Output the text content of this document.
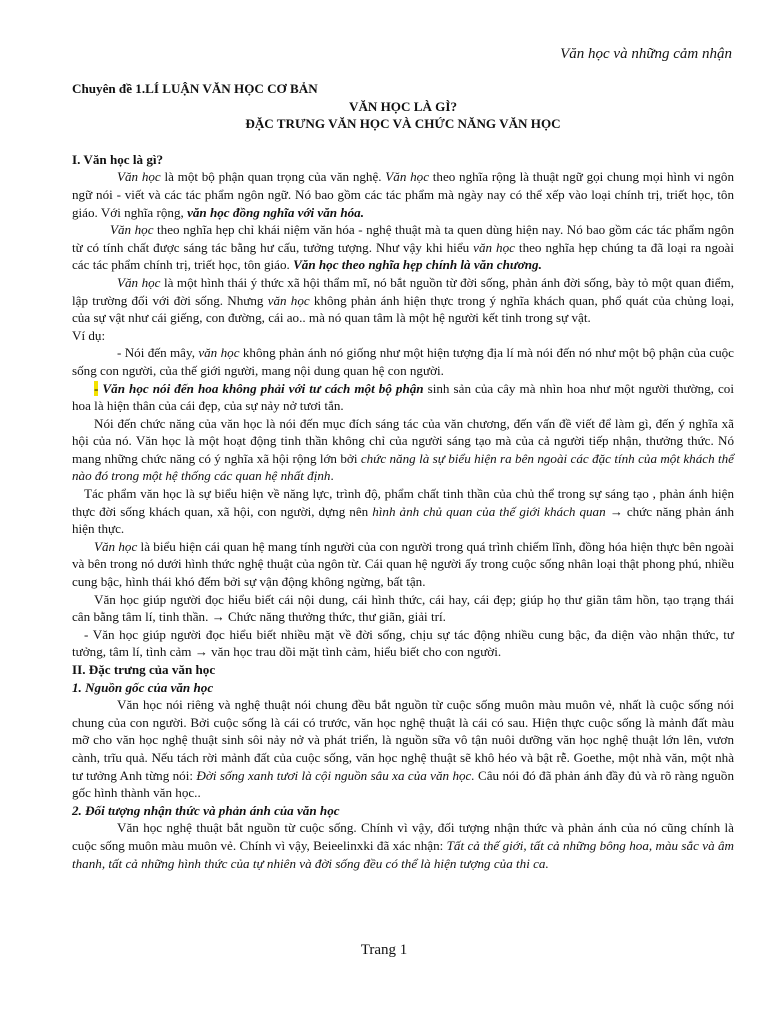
Văn học và những cảm nhận

Chuyên đề 1.LÍ LUẬN VĂN HỌC CƠ BẢN

VĂN HỌC LÀ GÌ?

ĐẶC TRƯNG VĂN HỌC VÀ CHỨC NĂNG VĂN HỌC

I. Văn học là gì?

Văn học là một bộ phận quan trọng của văn nghệ. Văn học theo nghĩa rộng là thuật ngữ gọi chung mọi hình vi ngôn ngữ nói - viết và các tác phẩm ngôn ngữ. Nó bao gồm các tác phẩm mà ngày nay có thể xếp vào loại chính trị, triết học, tôn giáo. Với nghĩa rộng, văn học đồng nghĩa với văn hóa.

Văn học theo nghĩa hẹp chỉ khái niệm văn hóa - nghệ thuật mà ta quen dùng hiện nay. Nó bao gồm các tác phẩm ngôn từ có tính chất được sáng tác bằng hư cấu, tưởng tượng. Như vậy khi hiểu văn học theo nghĩa hẹp chúng ta đã loại ra ngoài các tác phẩm chính trị, triết học, tôn giáo. Văn học theo nghĩa hẹp chính là văn chương.

Văn học là một hình thái ý thức xã hội thẩm mĩ, nó bắt nguồn từ đời sống, phản ánh đời sống, bày tỏ một quan điểm, lập trường đối với đời sống. Nhưng văn học không phản ánh hiện thực trong ý nghĩa khách quan, phổ quát của chủng loại, của sự vật như cái giếng, con đường, cái ao.. mà nó quan tâm là một hệ người kết tinh trong sự vật.

Ví dụ:

- Nói đến mây, văn học không phản ánh nó giống như một hiện tượng địa lí mà nói đến nó như một bộ phận của cuộc sống con người, của thế giới người, mang nội dung quan hệ con người.

- Văn học nói đến hoa không phải với tư cách một bộ phận sinh sản của cây mà nhìn hoa như một người thường, coi hoa là hiện thân của cái đẹp, của sự nảy nở tươi tắn.

Nói đến chức năng của văn học là nói đến mục đích sáng tác của văn chương, đến vấn đề viết để làm gì, đến ý nghĩa xã hội của nó. Văn học là một hoạt động tinh thần không chỉ của người sáng tạo mà của cả người tiếp nhận, thưởng thức. Nó mang những chức năng có ý nghĩa xã hội rộng lớn bởi chức năng là sự biểu hiện ra bên ngoài các đặc tính của một khách thể nào đó trong một hệ thống các quan hệ nhất định.

Tác phẩm văn học là sự biểu hiện về năng lực, trình độ, phẩm chất tinh thần của chủ thể trong sự sáng tạo , phản ánh hiện thực đời sống khách quan, xã hội, con người, dựng nên hình ảnh chủ quan của thế giới khách quan → chức năng phản ánh hiện thực.

Văn học là biểu hiện cái quan hệ mang tính người của con người trong quá trình chiếm lĩnh, đồng hóa hiện thực bên ngoài và bên trong nó dưới hình thức nghệ thuật của ngôn từ. Cái quan hệ người ấy trong cuộc sống nhân loại thật phong phú, nhiều cung bậc, hình thái khó đếm bởi sự vận động không ngừng, bất tận.

Văn học giúp người đọc hiểu biết cái nội dung, cái hình thức, cái hay, cái đẹp; giúp họ thư giãn tâm hồn, tạo trạng thái cân bằng tâm lí, tinh thần. → Chức năng thưởng thức, thư giãn, giải trí.

- Văn học giúp người đọc hiểu biết nhiều mặt về đời sống, chịu sự tác động nhiều cung bậc, đa diện vào nhận thức, tư tưởng, tâm lí, tình cảm → văn học trau dồi mặt tình cảm, hiểu biết cho con người.

II. Đặc trưng của văn học

1. Nguồn gốc của văn học

Văn học nói riêng và nghệ thuật nói chung đều bắt nguồn từ cuộc sống muôn màu muôn vẻ, nhất là cuộc sống nói chung của con người. Bởi cuộc sống là cái có trước, văn học nghệ thuật là cái có sau. Hiện thực cuộc sống là mảnh đất màu mỡ cho văn học nghệ thuật sinh sôi nảy nở và phát triển, là nguồn sữa vô tận nuôi dưỡng văn học nghệ thuật lớn lên, vươn cành, trĩu quả. Nếu tách rời mảnh đất của cuộc sống, văn học nghệ thuật sẽ khô héo và bật rễ. Goethe, một nhà văn, một nhà tư tưởng Anh từng nói: Đời sống xanh tươi là cội nguồn sâu xa của văn học. Câu nói đó đã phản ánh đầy đủ và rõ ràng nguồn gốc hình thành văn học..

2. Đối tượng nhận thức và phản ánh của văn học

Văn học nghệ thuật bắt nguồn từ cuộc sống. Chính vì vậy, đối tượng nhận thức và phản ánh của nó cũng chính là cuộc sống muôn màu muôn vẻ. Chính vì vậy, Beieelinxki đã xác nhận: Tất cả thế giới, tất cả những bông hoa, màu sắc và âm thanh, tất cả những hình thức của tự nhiên và đời sống đều có thể là hiện tượng của thi ca.

Trang 1
